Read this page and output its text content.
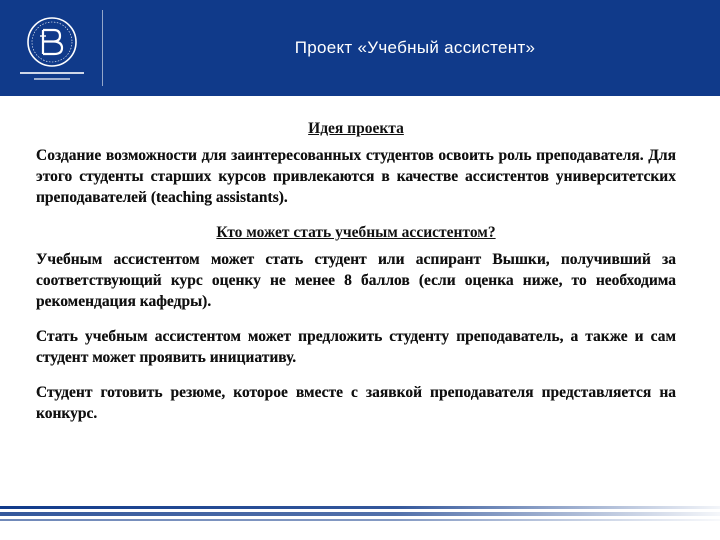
Проект «Учебный ассистент»
Идея проекта

Создание возможности для заинтересованных студентов освоить роль преподавателя. Для этого студенты старших курсов привлекаются в качестве ассистентов университетских преподавателей (teaching assistants).

Кто может стать учебным ассистентом?

Учебным ассистентом может стать студент или аспирант Вышки, получивший за соответствующий курс оценку не менее 8 баллов (если оценка ниже, то необходима рекомендация кафедры).

Стать учебным ассистентом может предложить студенту преподаватель, а также и сам студент может проявить инициативу.

Студент готовить резюме, которое вместе с заявкой преподавателя представляется на конкурс.
